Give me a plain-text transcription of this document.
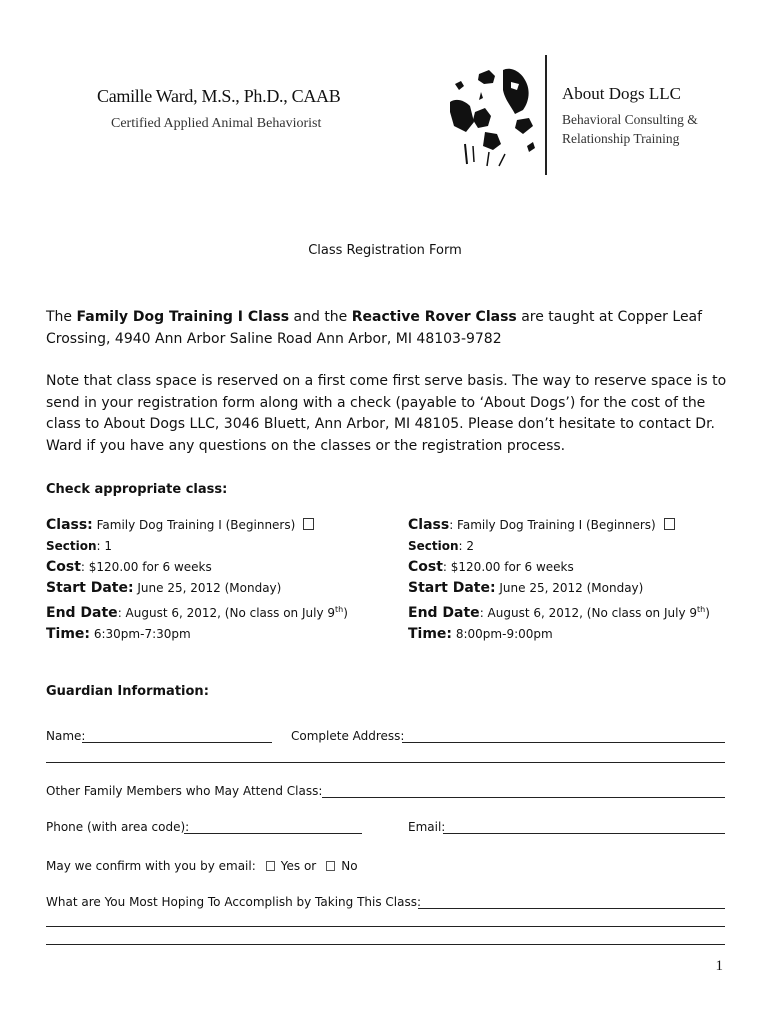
Camille Ward, M.S., Ph.D., CAAB
Certified Applied Animal Behaviorist
About Dogs LLC
Behavioral Consulting &
Relationship Training
Class Registration Form
The Family Dog Training I Class and the Reactive Rover Class are taught at Copper Leaf Crossing, 4940 Ann Arbor Saline Road Ann Arbor, MI 48103-9782
Note that class space is reserved on a first come first serve basis. The way to reserve space is to send in your registration form along with a check (payable to ‘About Dogs’) for the cost of the class to About Dogs LLC, 3046 Bluett, Ann Arbor, MI 48105. Please don’t hesitate to contact Dr. Ward if you have any questions on the classes or the registration process.
Check appropriate class:
Class: Family Dog Training I (Beginners)
Section: 1
Cost: $120.00 for 6 weeks
Start Date: June 25, 2012 (Monday)
End Date: August 6, 2012, (No class on July 9th)
Time: 6:30pm-7:30pm
Class: Family Dog Training I (Beginners)
Section: 2
Cost: $120.00 for 6 weeks
Start Date: June 25, 2012 (Monday)
End Date: August 6, 2012, (No class on July 9th)
Time: 8:00pm-9:00pm
Guardian Information:
Name:	Complete Address:
Other Family Members who May Attend Class:
Phone (with area code):	Email:
May we confirm with you by email: Yes or No
What are You Most Hoping To Accomplish by Taking This Class:
1
